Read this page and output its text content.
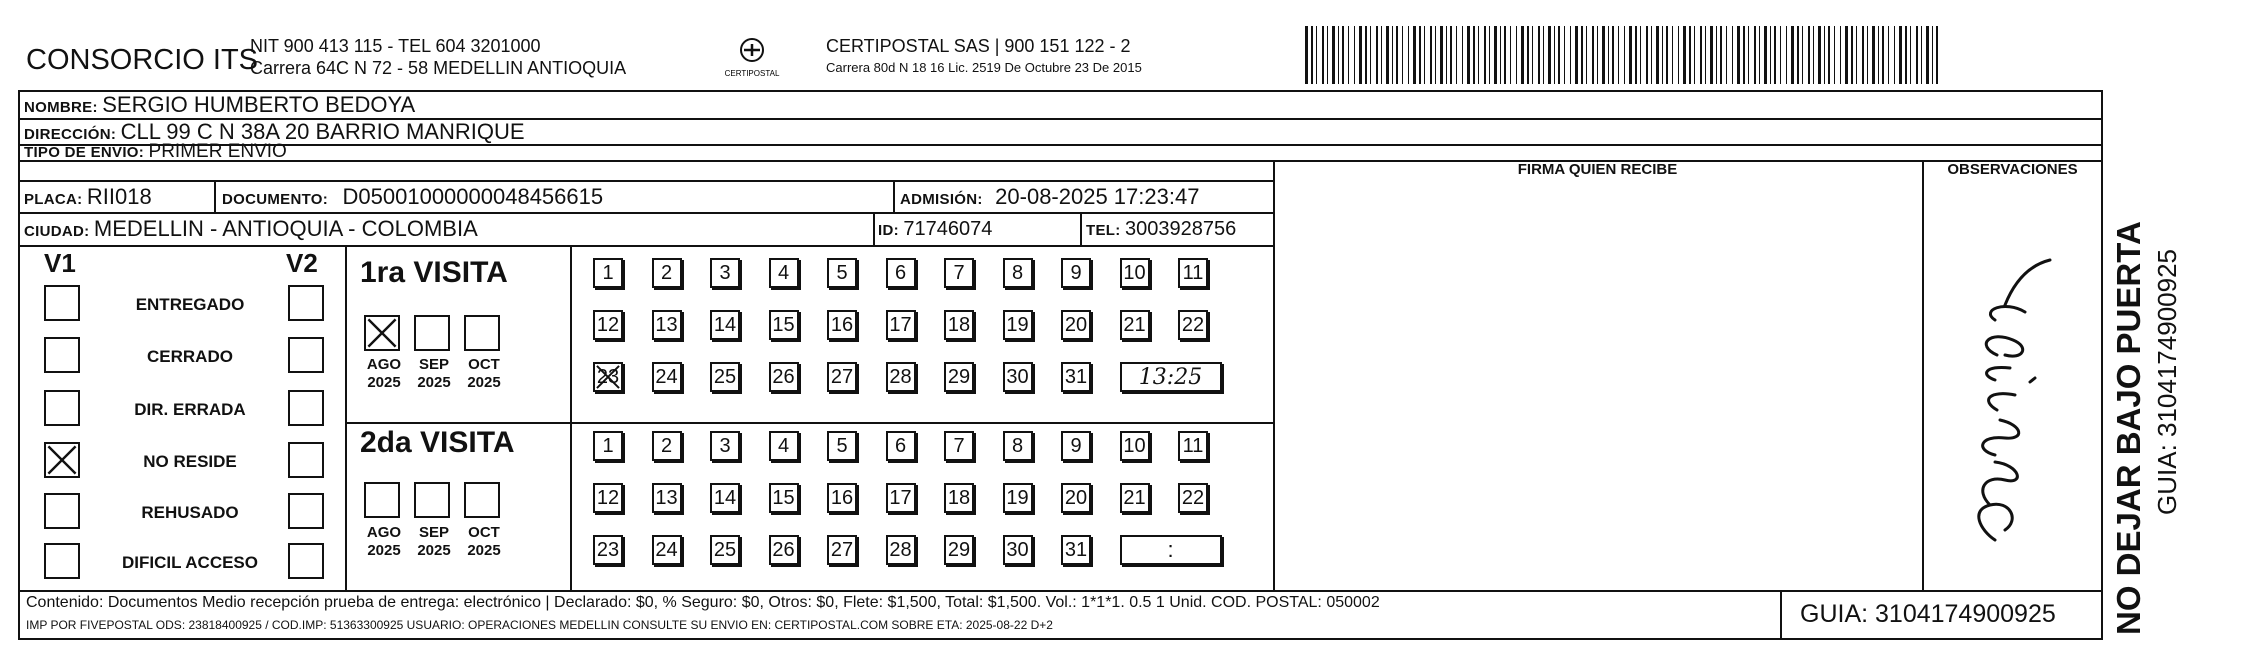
CONSORCIO ITS
NIT 900 413 115 - TEL 604 3201000
Carrera 64C N 72 - 58 MEDELLIN ANTIOQUIA	CERTIPOSTAL
CERTIPOSTAL SAS | 900 151 122 - 2
Carrera 80d N 18 16 Lic. 2519 De Octubre 23 De 2015
NOMBRE: SERGIO HUMBERTO BEDOYA
DIRECCIÓN: CLL 99 C N 38A 20 BARRIO MANRIQUE
TIPO DE ENVIO: PRIMER ENVIO
FIRMA QUIEN RECIBE	OBSERVACIONES
PLACA: RII018	DOCUMENTO: D05001000000048456615	ADMISIÓN: 20-08-2025 17:23:47
CIUDAD: MEDELLIN - ANTIOQUIA - COLOMBIA	ID: 71746074	TEL: 3003928756
V1	V2
ENTREGADO
CERRADO
DIR. ERRADA
NO RESIDE
REHUSADO
DIFICIL ACCESO
1ra VISITA
AGO
2025
SEP
2025
OCT
2025
1 2 3 4 5 6 7 8 9 10 11
12 13 14 15 16 17 18 19 20 21 22
23 24 25 26 27 28 29 30 31 13:25
2da VISITA
AGO
2025
SEP
2025
OCT
2025
1 2 3 4 5 6 7 8 9 10 11
12 13 14 15 16 17 18 19 20 21 22
23 24 25 26 27 28 29 30 31	:
Contenido: Documentos Medio recepción prueba de entrega: electrónico | Declarado: $0, % Seguro: $0, Otros: $0, Flete: $1,500, Total: $1,500. Vol.: 1*1*1. 0.5 1 Unid. COD. POSTAL: 050002
IMP POR FIVEPOSTAL ODS: 23818400925 / COD.IMP: 51363300925 USUARIO: OPERACIONES MEDELLIN CONSULTE SU ENVIO EN: CERTIPOSTAL.COM SOBRE ETA: 2025-08-22 D+2	GUIA: 3104174900925 NO DEJAR BAJO PUERTA GUIA: 3104174900925
